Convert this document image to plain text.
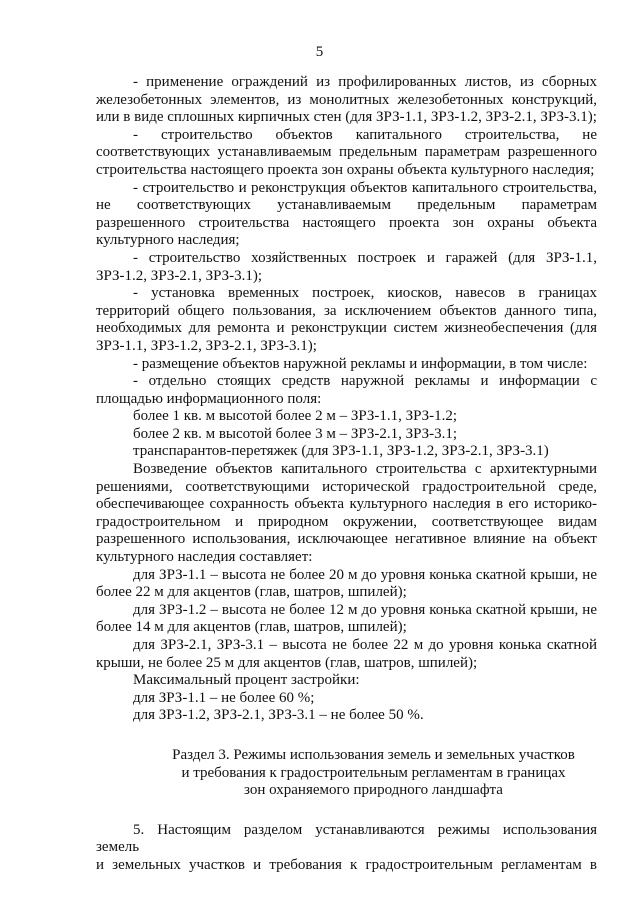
5

- применение ограждений из профилированных листов, из сборных железобетонных элементов, из монолитных железобетонных конструкций, или в виде сплошных кирпичных стен (для ЗРЗ-1.1, ЗРЗ-1.2, ЗРЗ-2.1, ЗРЗ-3.1);

- строительство объектов капитального строительства, не соответствующих устанавливаемым предельным параметрам разрешенного строительства настоящего проекта зон охраны объекта культурного наследия;

- строительство и реконструкция объектов капитального строительства, не соответствующих устанавливаемым предельным параметрам разрешенного строительства настоящего проекта зон охраны объекта культурного наследия;

- строительство хозяйственных построек и гаражей (для ЗРЗ-1.1, ЗРЗ-1.2, ЗРЗ-2.1, ЗРЗ-3.1);

- установка временных построек, киосков, навесов в границах территорий общего пользования, за исключением объектов данного типа, необходимых для ремонта и реконструкции систем жизнеобеспечения (для ЗРЗ-1.1, ЗРЗ-1.2, ЗРЗ-2.1, ЗРЗ-3.1);

- размещение объектов наружной рекламы и информации, в том числе:

- отдельно стоящих средств наружной рекламы и информации с площадью информационного поля:

более 1 кв. м высотой более 2 м – ЗРЗ-1.1, ЗРЗ-1.2;

более 2 кв. м высотой более 3 м – ЗРЗ-2.1, ЗРЗ-3.1;

транспарантов-перетяжек (для ЗРЗ-1.1, ЗРЗ-1.2, ЗРЗ-2.1, ЗРЗ-3.1)

Возведение объектов капитального строительства с архитектурными решениями, соответствующими исторической градостроительной среде, обеспечивающее сохранность объекта культурного наследия в его историко-градостроительном и природном окружении, соответствующее видам разрешенного использования, исключающее негативное влияние на объект культурного наследия составляет:

для ЗРЗ-1.1 – высота не более 20 м до уровня конька скатной крыши, не более 22 м для акцентов (глав, шатров, шпилей);

для ЗРЗ-1.2 – высота не более 12 м до уровня конька скатной крыши, не более 14 м для акцентов (глав, шатров, шпилей);

для ЗРЗ-2.1, ЗРЗ-3.1 – высота не более 22 м до уровня конька скатной крыши, не более 25 м для акцентов (глав, шатров, шпилей);

Максимальный процент застройки:

для ЗРЗ-1.1 – не более 60 %;

для ЗРЗ-1.2, ЗРЗ-2.1, ЗРЗ-3.1 – не более 50 %.

Раздел 3. Режимы использования земель и земельных участков
и требования к градостроительным регламентам в границах
зон охраняемого природного ландшафта

5. Настоящим разделом устанавливаются режимы использования земель

и земельных участков и требования к градостроительным регламентам в
